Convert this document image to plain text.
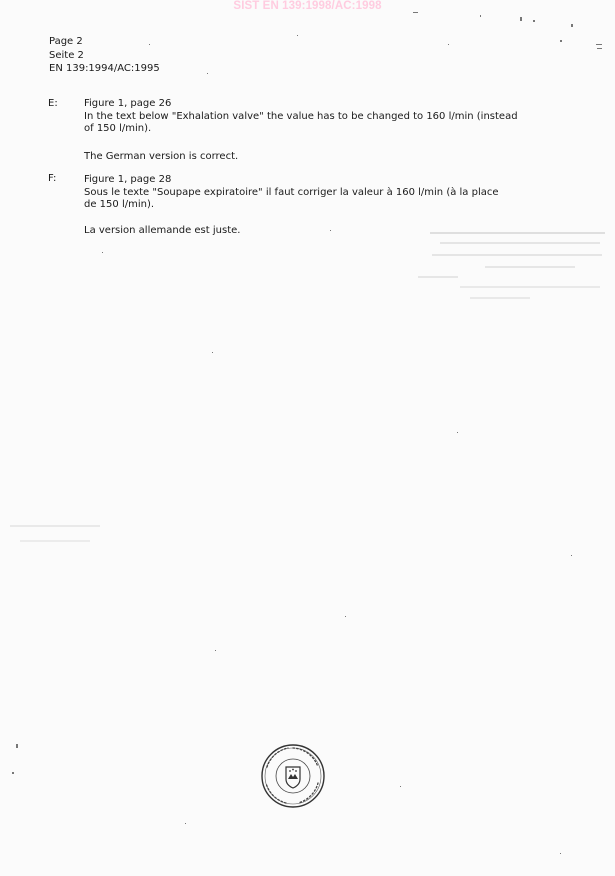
SIST EN 139:1998/AC:1998
Page 2
Seite 2
EN 139:1994/AC:1995
E:	Figure 1, page 26
In the text below "Exhalation valve" the value has to be changed to 160 l/min (instead
of 150 l/min).
The German version is correct.
F:	Figure 1, page 28
Sous le texte "Soupape expiratoire" il faut corriger la valeur à 160 l/min (à la place
de 150 l/min).
La version allemande est juste.
